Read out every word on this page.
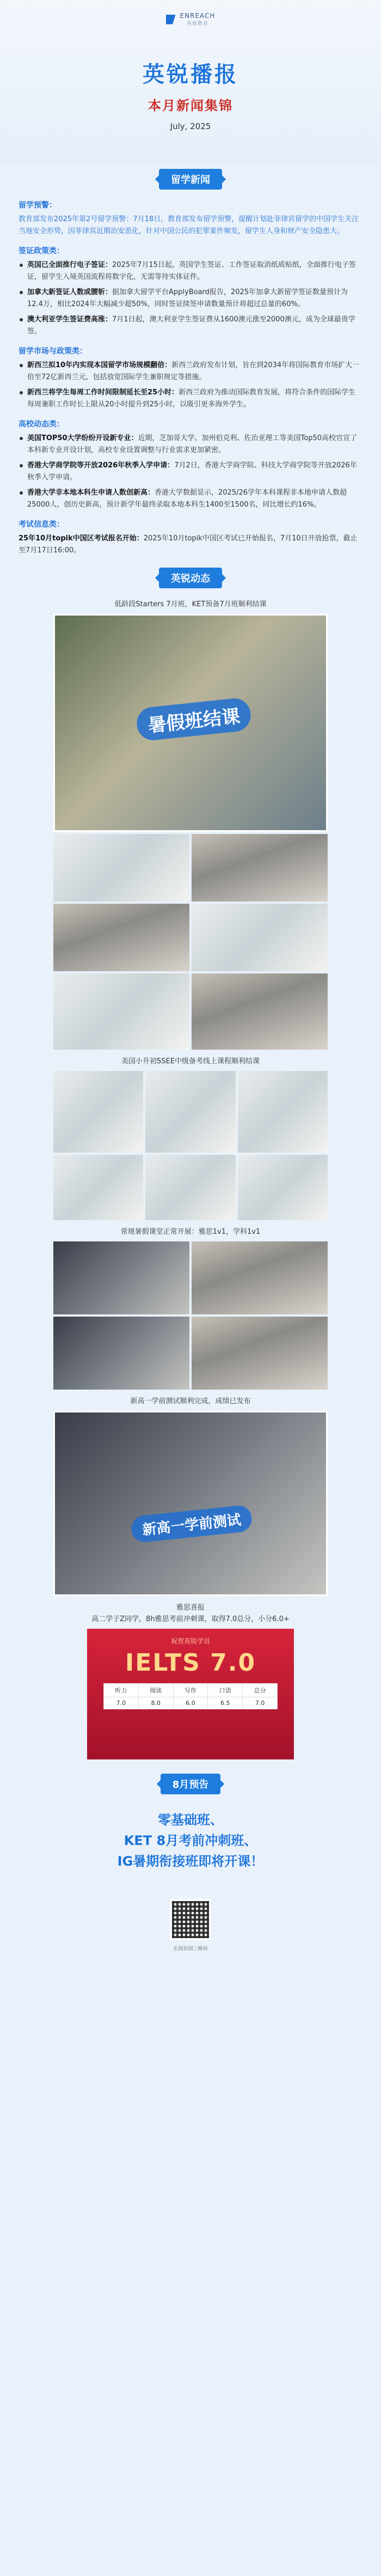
ENREACH
英锐教育
英锐播报
本月新闻集锦
July, 2025
留学新闻
留学预警：
教育部发布2025年第2号留学预警：7月18日，教育部发布留学预警，提醒计划赴菲律宾留学的中国学生关注当地安全形势，因菲律宾近期治安恶化，针对中国公民的犯罪案件频发，留学生人身和财产安全隐患大。
签证政策类：
英国已全面推行电子签证：2025年7月15日起，英国学生签证、工作签证取消纸质贴纸，全面推行电子签证，留学生入境英国流程将数字化，无需等待实体证件。
加拿大新签证人数或腰斩：据加拿大留学平台ApplyBoard报告，2025年加拿大新留学签证数量预计为12.4万，相比2024年大幅减少超50%，同时签证续签申请数量预计将超过总量的60%。
澳大利亚学生签证费高涨：7月1日起，澳大利亚学生签证费从1600澳元涨至2000澳元，成为全球最贵学签。
留学市场与政策类：
新西兰拟10年内实现本国留学市场规模翻倍：新西兰政府发布计划，旨在到2034年将国际教育市场扩大一倍至72亿新西兰元，包括放宽国际学生兼职规定等措施。
新西兰将学生每周工作时间限制延长至25小时：新西兰政府为推动国际教育发展，将符合条件的国际学生每周兼职工作时长上限从20小时提升到25小时，以吸引更多海外学生。
高校动态类：
美国TOP50大学纷纷开设新专业：近期，芝加哥大学、加州伯克利、佐治亚理工等美国Top50高校官宣了本科新专业开设计划，高校专业设置调整与行业需求更加紧密。
香港大学商学院等开放2026年秋季入学申请：7月2日，香港大学商学院、科技大学商学院等开放2026年秋季入学申请。
香港大学非本地本科生申请人数创新高：香港大学数据显示，2025/26学年本科课程非本地申请人数超25000人，创历史新高，预计新学年最终录取本地本科生1400至1500名，同比增长约16%。
考试信息类：
25年10月topik中国区考试报名开始：2025年10月topik中国区考试已开始报名，7月10日开放抢票，截止至7月17日16:00。
英锐动态
低龄段Starters 7月班，KET预备7月班顺利结课
暑假班结课
美国小升初SSEE中级备考线上课程顺利结课
常规暑假课堂正常开展：雅思1v1，学科1v1
新高一学前测试顺利完成，成绩已发布
新高一学前测试
雅思喜报
高二学子Z同学，8h雅思考前冲刺课，取得7.0总分，小分6.0+
祝贺英锐学员
IELTS 7.0
听力	阅读	写作	口语	总分
7.0	8.0	6.0	6.5	7.0
8月预告
零基础班、
KET 8月考前冲刺班、
IG暑期衔接班即将开课！
长按识别二维码
